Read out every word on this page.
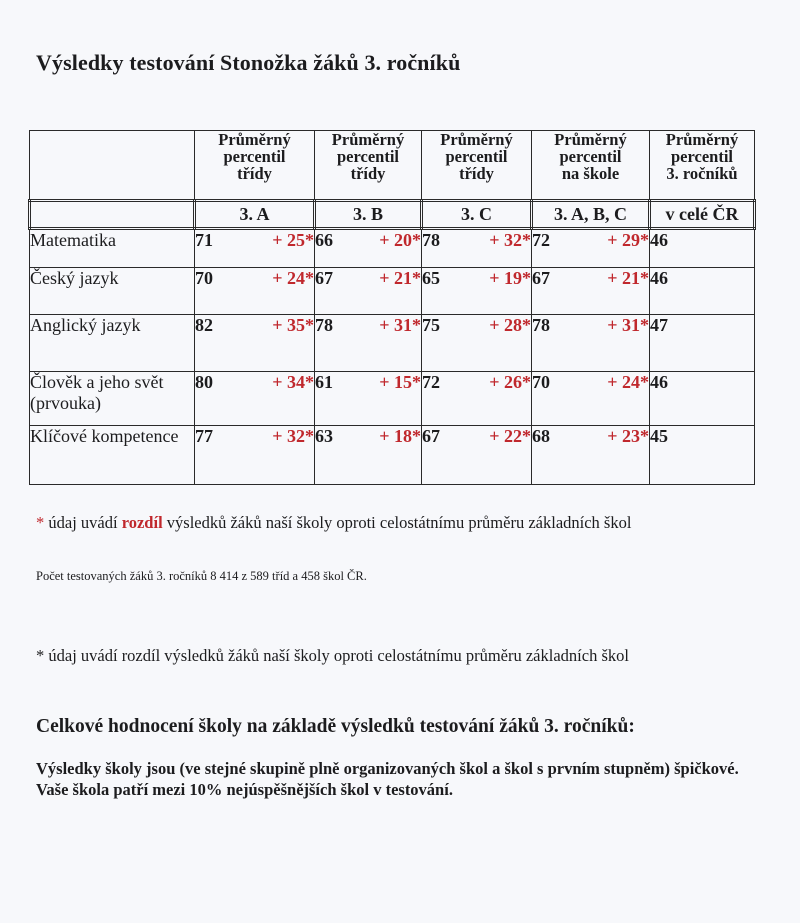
Výsledky testování Stonožka žáků 3. ročníků

	Průměrný
percentil
třídy	Průměrný
percentil
třídy	Průměrný
percentil
třídy	Průměrný
percentil
na škole	Průměrný
percentil
3. ročníků

	3. A	3. B	3. C	3. A, B, C	v celé ČR
Matematika	71 + 25*	66 + 20*	78 + 32*	72 + 29*	46
Český jazyk	70 + 24*	67 + 21*	65 + 19*	67 + 21*	46
Anglický jazyk	82 + 35*	78 + 31*	75 + 28*	78 + 31*	47
Člověk a jeho svět (prvouka)	80 + 34*	61 + 15*	72 + 26*	70 + 24*	46
Klíčové kompetence	77 + 32*	63 + 18*	67 + 22*	68 + 23*	45
* údaj uvádí rozdíl výsledků žáků naší školy oproti celostátnímu průměru základních škol
Počet testovaných žáků 3. ročníků 8 414 z 589 tříd a 458 škol ČR.
* údaj uvádí rozdíl výsledků žáků naší školy oproti celostátnímu průměru základních škol
Celkové hodnocení školy na základě výsledků testování žáků 3. ročníků:
Výsledky školy jsou (ve stejné skupině plně organizovaných škol a škol s prvním stupněm) špičkové. Vaše škola patří mezi 10% nejúspěšnějších škol v testování.
